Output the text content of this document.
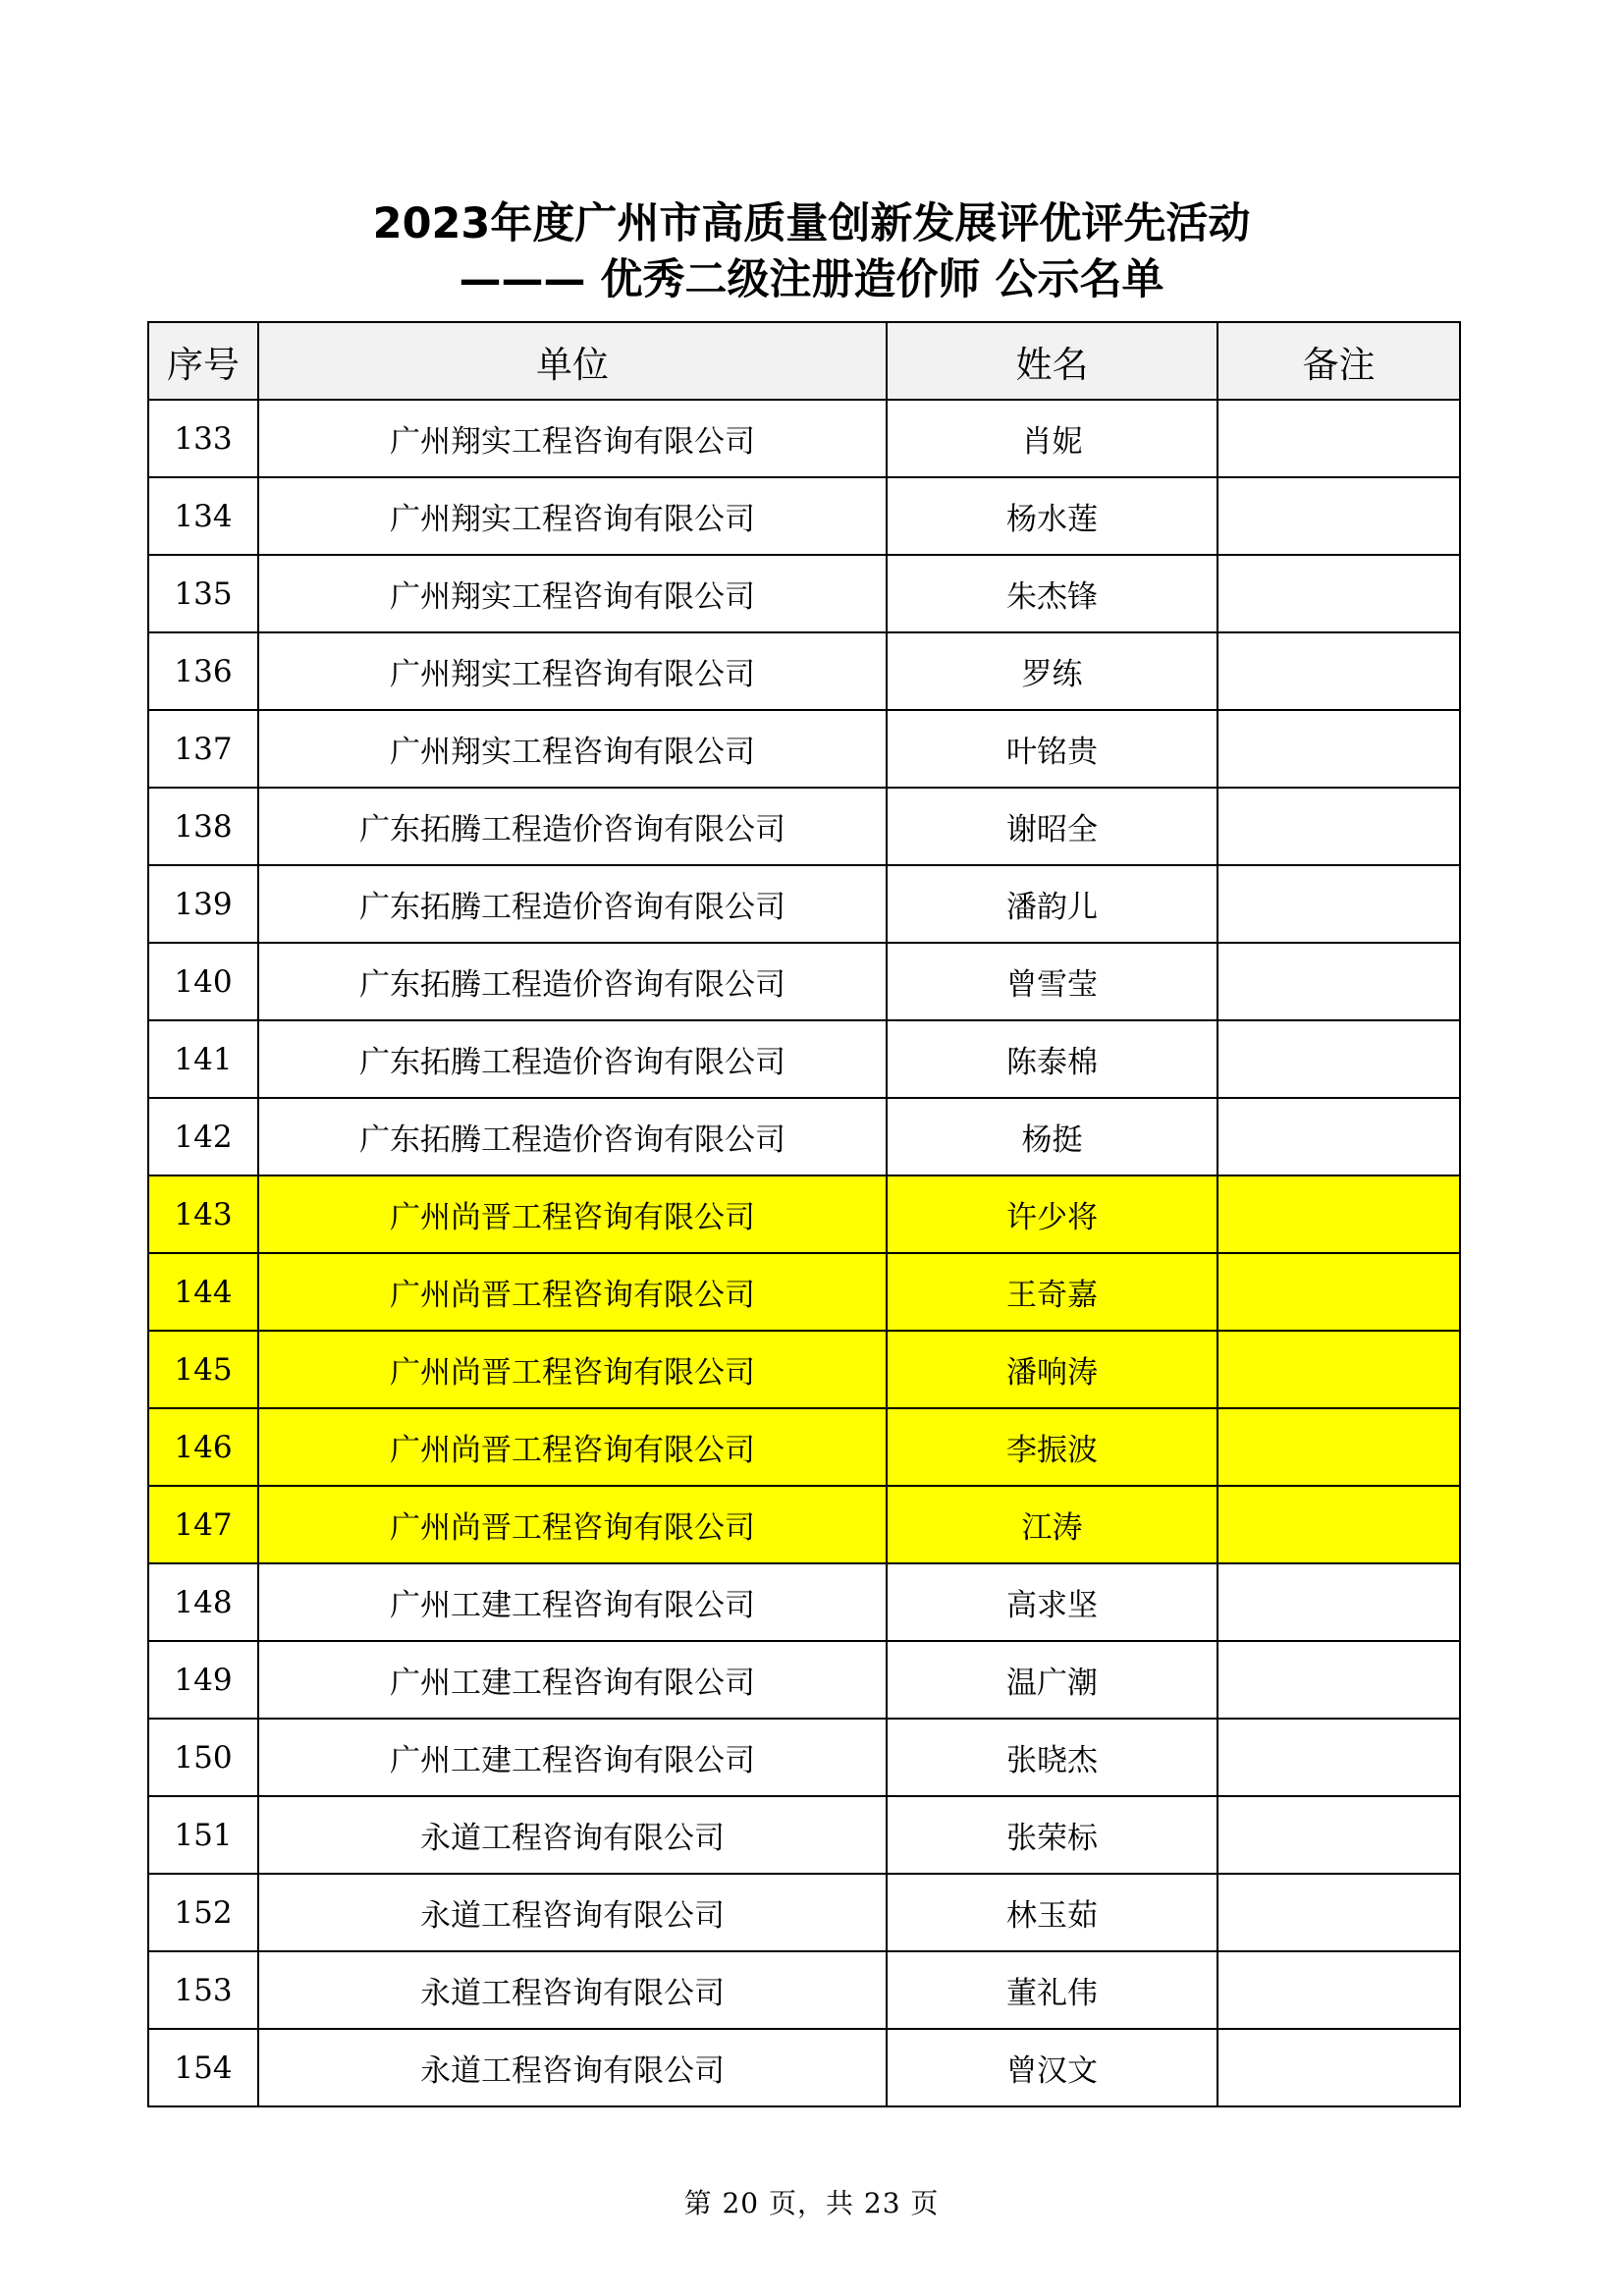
2023年度广州市高质量创新发展评优评先活动
——— 优秀二级注册造价师 公示名单
序号	单位	姓名	备注
133	广州翔实工程咨询有限公司	肖妮	
134	广州翔实工程咨询有限公司	杨水莲	
135	广州翔实工程咨询有限公司	朱杰锋	
136	广州翔实工程咨询有限公司	罗练	
137	广州翔实工程咨询有限公司	叶铭贵	
138	广东拓腾工程造价咨询有限公司	谢昭全	
139	广东拓腾工程造价咨询有限公司	潘韵儿	
140	广东拓腾工程造价咨询有限公司	曾雪莹	
141	广东拓腾工程造价咨询有限公司	陈泰棉	
142	广东拓腾工程造价咨询有限公司	杨挺	
143	广州尚晋工程咨询有限公司	许少将	
144	广州尚晋工程咨询有限公司	王奇嘉	
145	广州尚晋工程咨询有限公司	潘响涛	
146	广州尚晋工程咨询有限公司	李振波	
147	广州尚晋工程咨询有限公司	江涛	
148	广州工建工程咨询有限公司	高求坚	
149	广州工建工程咨询有限公司	温广潮	
150	广州工建工程咨询有限公司	张晓杰	
151	永道工程咨询有限公司	张荣标	
152	永道工程咨询有限公司	林玉茹	
153	永道工程咨询有限公司	董礼伟	
154	永道工程咨询有限公司	曾汉文	
第 20 页，共 23 页
